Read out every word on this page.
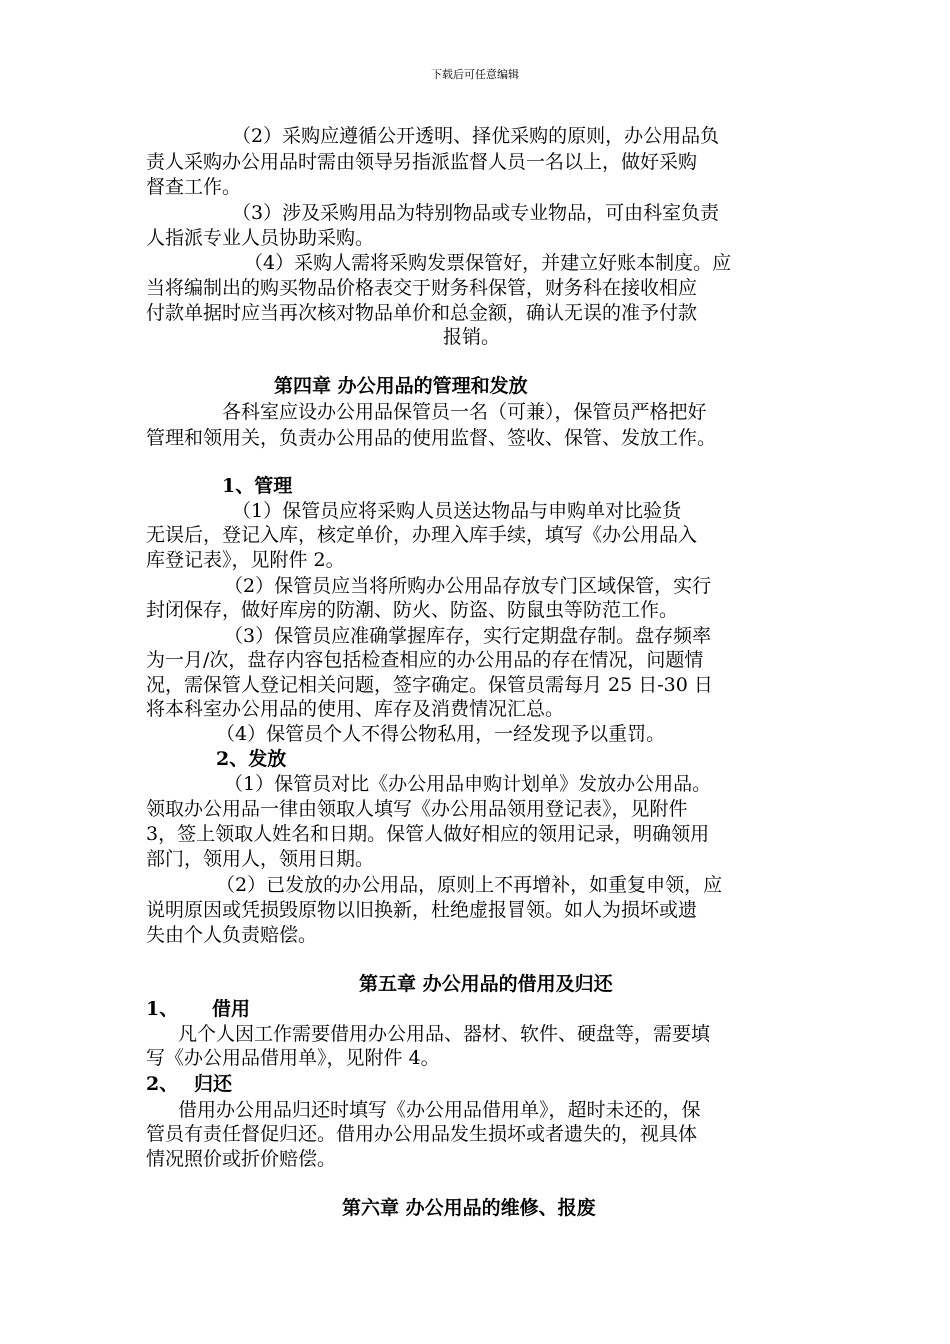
下载后可任意编辑
（2）采购应遵循公开透明、择优采购的原则，办公用品负
责人采购办公用品时需由领导另指派监督人员一名以上，做好采购
督查工作。
（3）涉及采购用品为特别物品或专业物品，可由科室负责
人指派专业人员协助采购。
（4）采购人需将采购发票保管好，并建立好账本制度。应
当将编制出的购买物品价格表交于财务科保管，财务科在接收相应
付款单据时应当再次核对物品单价和总金额，确认无误的准予付款
报销。
第四章 办公用品的管理和发放
各科室应设办公用品保管员一名（可兼），保管员严格把好
管理和领用关，负责办公用品的使用监督、签收、保管、发放工作。
1、管理
（1）保管员应将采购人员送达物品与申购单对比验货
无误后，登记入库，核定单价，办理入库手续，填写《办公用品入
库登记表》，见附件 2。
（2）保管员应当将所购办公用品存放专门区域保管，实行
封闭保存，做好库房的防潮、防火、防盗、防鼠虫等防范工作。
（3）保管员应准确掌握库存，实行定期盘存制。盘存频率
为一月/次，盘存内容包括检查相应的办公用品的存在情况，问题情
况，需保管人登记相关问题，签字确定。保管员需每月 25 日-30 日
将本科室办公用品的使用、库存及消费情况汇总。
（4）保管员个人不得公物私用，一经发现予以重罚。
2、发放
（1）保管员对比《办公用品申购计划单》发放办公用品。
领取办公用品一律由领取人填写《办公用品领用登记表》，见附件
3，签上领取人姓名和日期。保管人做好相应的领用记录，明确领用
部门，领用人，领用日期。
（2）已发放的办公用品，原则上不再增补，如重复申领，应
说明原因或凭损毁原物以旧换新，杜绝虚报冒领。如人为损坏或遗
失由个人负责赔偿。
第五章 办公用品的借用及归还
1、 借用
凡个人因工作需要借用办公用品、器材、软件、硬盘等，需要填
写《办公用品借用单》，见附件 4。
2、 归还
借用办公用品归还时填写《办公用品借用单》，超时未还的，保
管员有责任督促归还。借用办公用品发生损坏或者遗失的，视具体
情况照价或折价赔偿。
第六章 办公用品的维修、报废
